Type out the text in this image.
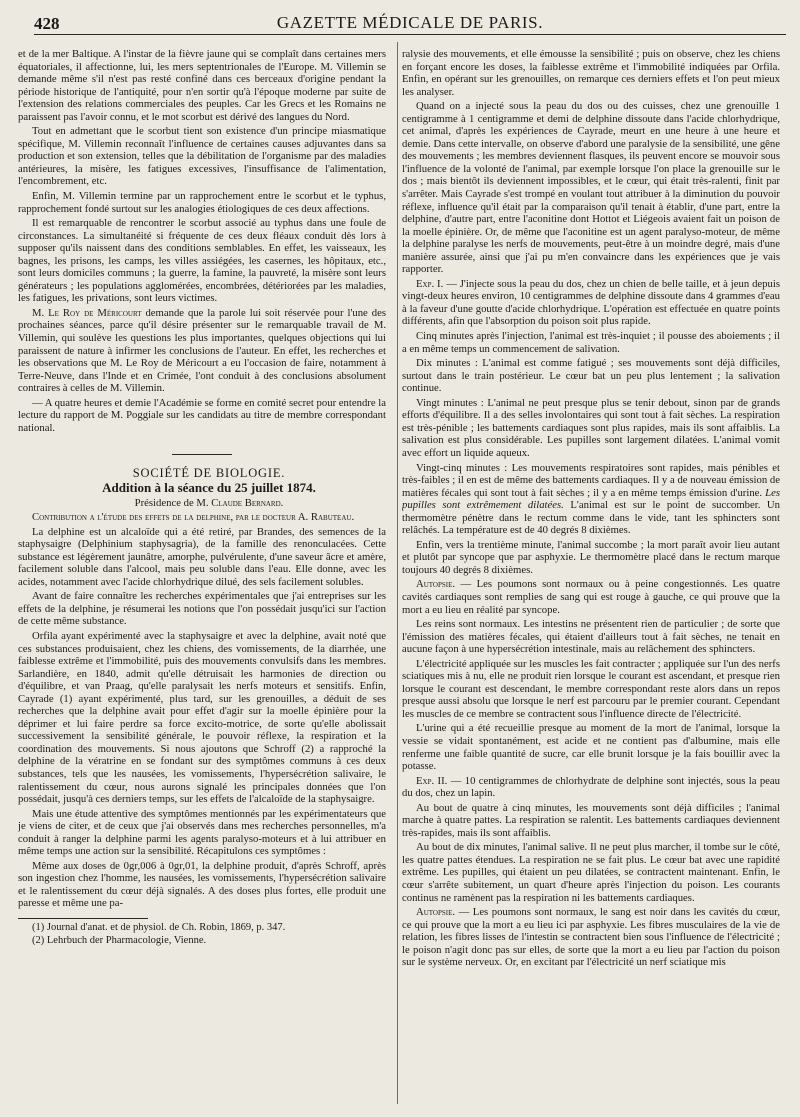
428	GAZETTE MÉDICALE DE PARIS.

et de la mer Baltique. A l'instar de la fièvre jaune qui se complaît dans certaines mers équatoriales, il affectionne, lui, les mers septentrionales de l'Europe. M. Villemin se demande même s'il n'est pas resté confiné dans ces berceaux d'origine pendant la période historique de l'antiquité, pour n'en sortir qu'à l'époque moderne par suite de l'extension des relations commerciales des peuples. Car les Grecs et les Romains ne paraissent pas l'avoir connu, et le mot scorbut est dérivé des langues du Nord.

Tout en admettant que le scorbut tient son existence d'un principe miasmatique spécifique, M. Villemin reconnaît l'influence de certaines causes adjuvantes dans sa production et son extension, telles que la débilitation de l'organisme par des maladies antérieures, la misère, les fatigues excessives, l'insuffisance de l'alimentation, l'encombrement, etc.

Enfin, M. Villemin termine par un rapprochement entre le scorbut et le typhus, rapprochement fondé surtout sur les analogies étiologiques de ces deux affections.

Il est remarquable de rencontrer le scorbut associé au typhus dans une foule de circonstances. La simultanéité si fréquente de ces deux fléaux conduit dès lors à supposer qu'ils naissent dans des conditions semblables. En effet, les vaisseaux, les bagnes, les prisons, les camps, les villes assiégées, les casernes, les hôpitaux, etc., sont leurs domiciles communs ; la guerre, la famine, la pauvreté, la misère sont leurs générateurs ; les populations agglomérées, encombrées, détériorées par les maladies, les fatigues, les privations, sont leurs victimes.

M. Le Roy de Méricourt demande que la parole lui soit réservée pour l'une des prochaines séances, parce qu'il désire présenter sur le remarquable travail de M. Villemin, qui soulève les questions les plus importantes, quelques objections qui lui paraissent de nature à infirmer les conclusions de l'auteur. En effet, les recherches et les observations que M. Le Roy de Méricourt a eu l'occasion de faire, notamment à Terre-Neuve, dans l'Inde et en Crimée, l'ont conduit à des conclusions absolument contraires à celles de M. Villemin.

— A quatre heures et demie l'Académie se forme en comité secret pour entendre la lecture du rapport de M. Poggiale sur les candidats au titre de membre correspondant national.

SOCIÉTÉ DE BIOLOGIE.

Addition à la séance du 25 juillet 1874.

Présidence de M. Claude Bernard.

Contribution a l'étude des effets de la delphine, par le docteur A. Rabuteau.

La delphine est un alcaloïde qui a été retiré, par Brandes, des semences de la staphysaigre (Delphinium staphysagria), de la famille des renonculacées. Cette substance est légèrement jaunâtre, amorphe, pulvérulente, d'une saveur âcre et amère, facilement soluble dans l'alcool, mais peu soluble dans l'eau. Elle donne, avec les acides, notamment avec l'acide chlorhydrique dilué, des sels facilement solubles.

Avant de faire connaître les recherches expérimentales que j'ai entreprises sur les effets de la delphine, je résumerai les notions que l'on possédait jusqu'ici sur l'action de cette même substance.

Orfila ayant expérimenté avec la staphysaigre et avec la delphine, avait noté que ces substances produisaient, chez les chiens, des vomissements, de la diarrhée, une faiblesse extrême et l'immobilité, puis des mouvements convulsifs dans les membres. Sarlandière, en 1840, admit qu'elle détruisait les harmonies de direction ou d'équilibre, et van Praag, qu'elle paralysait les nerfs moteurs et sensitifs. Enfin, Cayrade (1) ayant expérimenté, plus tard, sur les grenouilles, a déduit de ses recherches que la delphine avait pour effet d'agir sur la moelle épinière pour la déprimer et lui faire perdre sa force excito-motrice, de sorte qu'elle abolissait successivement la sensibilité générale, le pouvoir réflexe, la respiration et la coordination des mouvements. Si nous ajoutons que Schroff (2) a rapproché la delphine de la vératrine en se fondant sur des symptômes communs à ces deux substances, tels que les nausées, les vomissements, l'hypersécrétion salivaire, le ralentissement du cœur, nous aurons signalé les principales données que l'on possédait, jusqu'à ces derniers temps, sur les effets de l'alcaloïde de la staphysaigre.

Mais une étude attentive des symptômes mentionnés par les expérimentateurs que je viens de citer, et de ceux que j'ai observés dans mes recherches personnelles, m'a conduit à ranger la delphine parmi les agents paralyso-moteurs et à lui attribuer en même temps une action sur la sensibilité. Récapitulons ces symptômes :

Même aux doses de 0gr,006 à 0gr,01, la delphine produit, d'après Schroff, après son ingestion chez l'homme, les nausées, les vomissements, l'hypersécrétion salivaire et le ralentissement du cœur déjà signalés. A des doses plus fortes, elle produit une paresse et même une pa-

(1) Journal d'anat. et de physiol. de Ch. Robin, 1869, p. 347.
(2) Lehrbuch der Pharmacologie, Vienne.

ralysie des mouvements, et elle émousse la sensibilité ; puis on observe, chez les chiens en forçant encore les doses, la faiblesse extrême et l'immobilité indiquées par Orfila. Enfin, en opérant sur les grenouilles, on remarque ces derniers effets et l'on peut mieux les analyser.

Quand on a injecté sous la peau du dos ou des cuisses, chez une grenouille 1 centigramme à 1 centigramme et demi de delphine dissoute dans l'acide chlorhydrique, cet animal, d'après les expériences de Cayrade, meurt en une heure à une heure et demie. Dans cette intervalle, on observe d'abord une paralysie de la sensibilité, une gêne des mouvements ; les membres deviennent flasques, ils peuvent encore se mouvoir sous l'influence de la volonté de l'animal, par exemple lorsque l'on place la grenouille sur le dos ; mais bientôt ils deviennent impossibles, et le cœur, qui était très-ralenti, finit par s'arrêter. Mais Cayrade s'est trompé en voulant tout attribuer à la diminution du pouvoir réflexe, influence qu'il était par la comparaison qu'il tenait à établir, d'une part, entre la delphine, d'autre part, entre l'aconitine dont Hottot et Liégeois avaient fait un poison de la moelle épinière. Or, de même que l'aconitine est un agent paralyso-moteur, de même la delphine paralyse les nerfs de mouvements, peut-être à un moindre degré, mais d'une manière assurée, ainsi que j'ai pu m'en convaincre dans les expériences que je vais rapporter.

Exp. I. — J'injecte sous la peau du dos, chez un chien de belle taille, et à jeun depuis vingt-deux heures environ, 10 centigrammes de delphine dissoute dans 4 grammes d'eau à la faveur d'une goutte d'acide chlorhydrique. L'opération est effectuée en quatre points différents, afin que l'absorption du poison soit plus rapide.

Cinq minutes après l'injection, l'animal est très-inquiet ; il pousse des aboiements ; il a en même temps un commencement de salivation.

Dix minutes : L'animal est comme fatigué ; ses mouvements sont déjà difficiles, surtout dans le train postérieur. Le cœur bat un peu plus lentement ; la salivation continue.

Vingt minutes : L'animal ne peut presque plus se tenir debout, sinon par de grands efforts d'équilibre. Il a des selles involontaires qui sont tout à fait sèches. La respiration est très-pénible ; les battements cardiaques sont plus rapides, mais ils sont affaiblis. La salivation est plus considérable. Les pupilles sont largement dilatées. L'animal vomit avec effort un liquide aqueux.

Vingt-cinq minutes : Les mouvements respiratoires sont rapides, mais pénibles et très-faibles ; il en est de même des battements cardiaques. Il y a de nouveau émission de matières fécales qui sont tout à fait sèches ; il y a en même temps émission d'urine. Les pupilles sont extrêmement dilatées. L'animal est sur le point de succomber. Un thermomètre pénètre dans le rectum comme dans le vide, tant les sphincters sont relâchés. La température est de 40 degrés 8 dixièmes.

Enfin, vers la trentième minute, l'animal succombe ; la mort paraît avoir lieu autant et plutôt par syncope que par asphyxie. Le thermomètre placé dans le rectum marque toujours 40 degrés 8 dixièmes.

Autopsie. — Les poumons sont normaux ou à peine congestionnés. Les quatre cavités cardiaques sont remplies de sang qui est rouge à gauche, ce qui prouve que la mort a eu lieu en réalité par syncope.

Les reins sont normaux. Les intestins ne présentent rien de particulier ; de sorte que l'émission des matières fécales, qui étaient d'ailleurs tout à fait sèches, ne tenait en aucune façon à une hypersécrétion intestinale, mais au relâchement des sphincters.

L'électricité appliquée sur les muscles les fait contracter ; appliquée sur l'un des nerfs sciatiques mis à nu, elle ne produit rien lorsque le courant est ascendant, et presque rien lorsque le courant est descendant, le membre correspondant reste alors dans un repos presque aussi absolu que lorsque le nerf est parcouru par le premier courant. Cependant les muscles de ce membre se contractent sous l'influence directe de l'électricité.

L'urine qui a été recueillie presque au moment de la mort de l'animal, lorsque la vessie se vidait spontanément, est acide et ne contient pas d'albumine, mais elle renferme une faible quantité de sucre, car elle brunit lorsque je la fais bouillir avec la potasse.

Exp. II. — 10 centigrammes de chlorhydrate de delphine sont injectés, sous la peau du dos, chez un lapin.

Au bout de quatre à cinq minutes, les mouvements sont déjà difficiles ; l'animal marche à quatre pattes. La respiration se ralentit. Les battements cardiaques deviennent très-rapides, mais ils sont affaiblis.

Au bout de dix minutes, l'animal salive. Il ne peut plus marcher, il tombe sur le côté, les quatre pattes étendues. La respiration ne se fait plus. Le cœur bat avec une rapidité extrême. Les pupilles, qui étaient un peu dilatées, se contractent maintenant. Enfin, le cœur s'arrête subitement, un quart d'heure après l'injection du poison. Les courants continus ne ramènent pas la respiration ni les battements cardiaques.

Autopsie. — Les poumons sont normaux, le sang est noir dans les cavités du cœur, ce qui prouve que la mort a eu lieu ici par asphyxie. Les fibres musculaires de la vie de relation, les fibres lisses de l'intestin se contractent bien sous l'influence de l'électricité ; le poison n'agit donc pas sur elles, de sorte que la mort a eu lieu par l'action du poison sur le système nerveux. Or, en excitant par l'électricité un nerf sciatique mis
